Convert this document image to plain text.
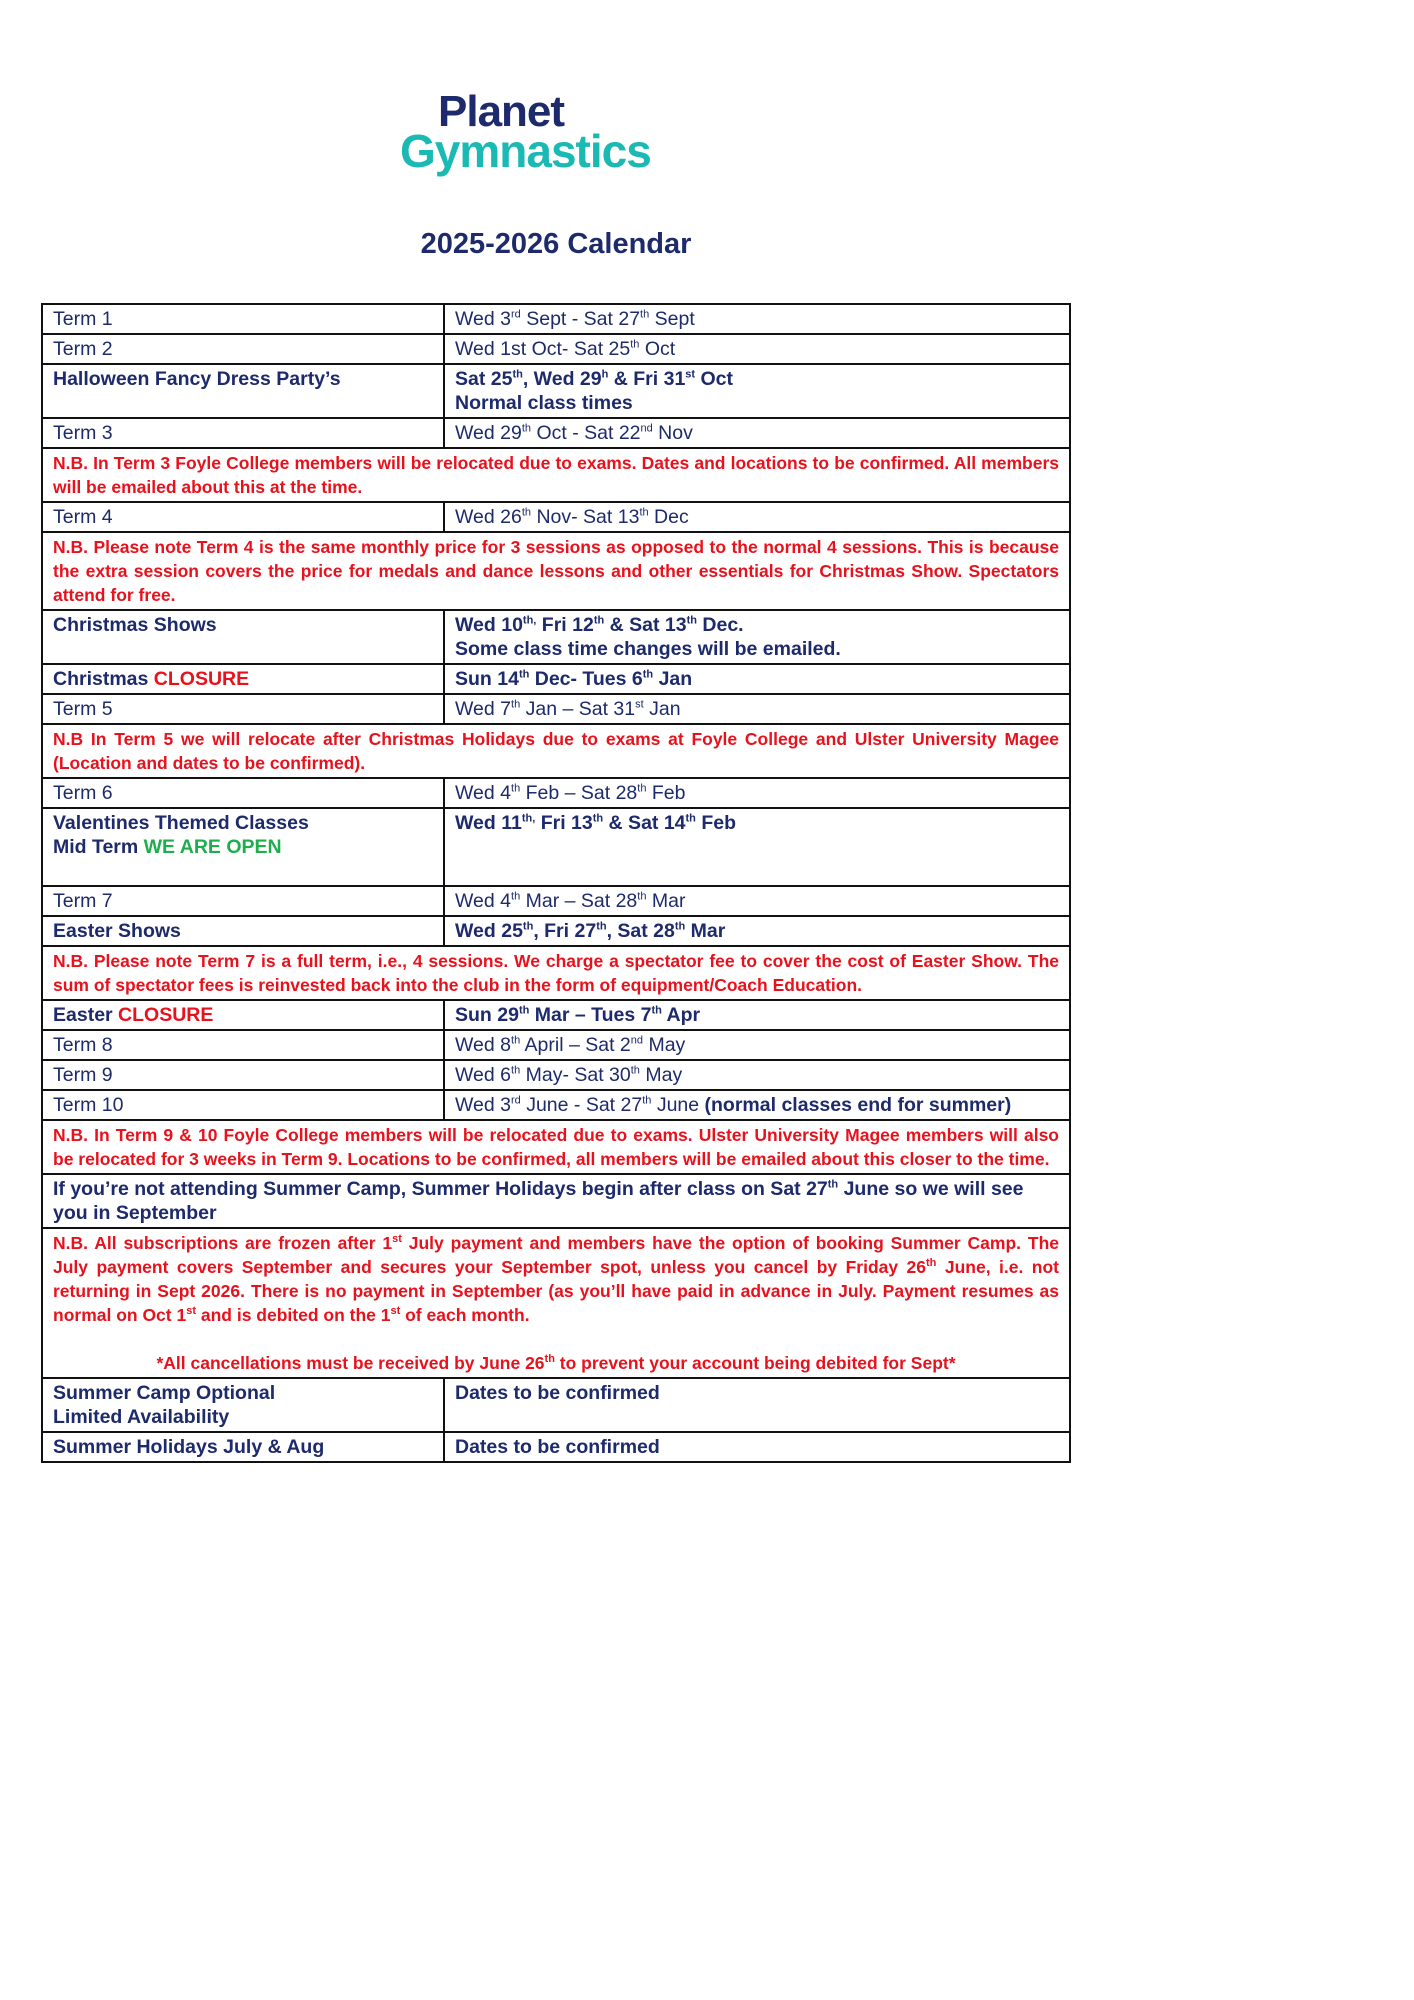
Planet
Gymnastics
2025-2026 Calendar
Term 1	Wed 3rd Sept - Sat 27th Sept
Term 2	Wed 1st Oct- Sat 25th Oct
Halloween Fancy Dress Party’s	Sat 25th, Wed 29$^h$ & Fri 31st Oct
Normal class times
Term 3	Wed 29th Oct - Sat 22nd Nov
N.B. In Term 3 Foyle College members will be relocated due to exams. Dates and locations to be confirmed. All members will be emailed about this at the time.	
Term 4	Wed 26th Nov- Sat 13th Dec
N.B. Please note Term 4 is the same monthly price for 3 sessions as opposed to the normal 4 sessions. This is because the extra session covers the price for medals and dance lessons and other essentials for Christmas Show. Spectators attend for free.	
Christmas Shows	Wed $10^{th,}$ Fri 12th & Sat 13th Dec.
Some class time changes will be emailed.
Christmas CLOSURE	Sun 14th Dec- Tues 6th Jan
Term 5	Wed 7th Jan – Sat 31st Jan
N.B In Term 5 we will relocate after Christmas Holidays due to exams at Foyle College and Ulster University Magee (Location and dates to be confirmed).	
Term 6	Wed 4th Feb – Sat 28th Feb
Valentines Themed Classes
Mid Term WE ARE OPEN	Wed $11^{th,}$ Fri 13th & Sat 14th Feb
Term 7	Wed 4th Mar – Sat 28th Mar
Easter Shows	Wed 25th, Fri 27th, Sat 28th Mar
N.B. Please note Term 7 is a full term, i.e., 4 sessions. We charge a spectator fee to cover the cost of Easter Show. The sum of spectator fees is reinvested back into the club in the form of equipment/Coach Education.	
Easter CLOSURE	Sun 29th Mar – Tues 7th Apr
Term 8	Wed 8th April – Sat 2nd May
Term 9	Wed 6th May- Sat 30th May
Term 10	Wed 3rd June - Sat 27th June (normal classes end for summer)
N.B. In Term 9 & 10 Foyle College members will be relocated due to exams. Ulster University Magee members will also be relocated for 3 weeks in Term 9. Locations to be confirmed, all members will be emailed about this closer to the time.	
If you’re not attending Summer Camp, Summer Holidays begin after class on Sat 27th June so we will see you in September	
N.B. All subscriptions are frozen after 1st July payment and members have the option of booking Summer Camp. The July payment covers September and secures your September spot, unless you cancel by Friday 26th June, i.e. not returning in Sept 2026. There is no payment in September (as you’ll have paid in advance in July. Payment resumes as normal on Oct 1st and is debited on the 1st of each month.

*All cancellations must be received by June 26th to prevent your account being debited for Sept*	

Summer Camp Optional
Limited Availability	Dates to be confirmed
Summer Holidays July & Aug	Dates to be confirmed
